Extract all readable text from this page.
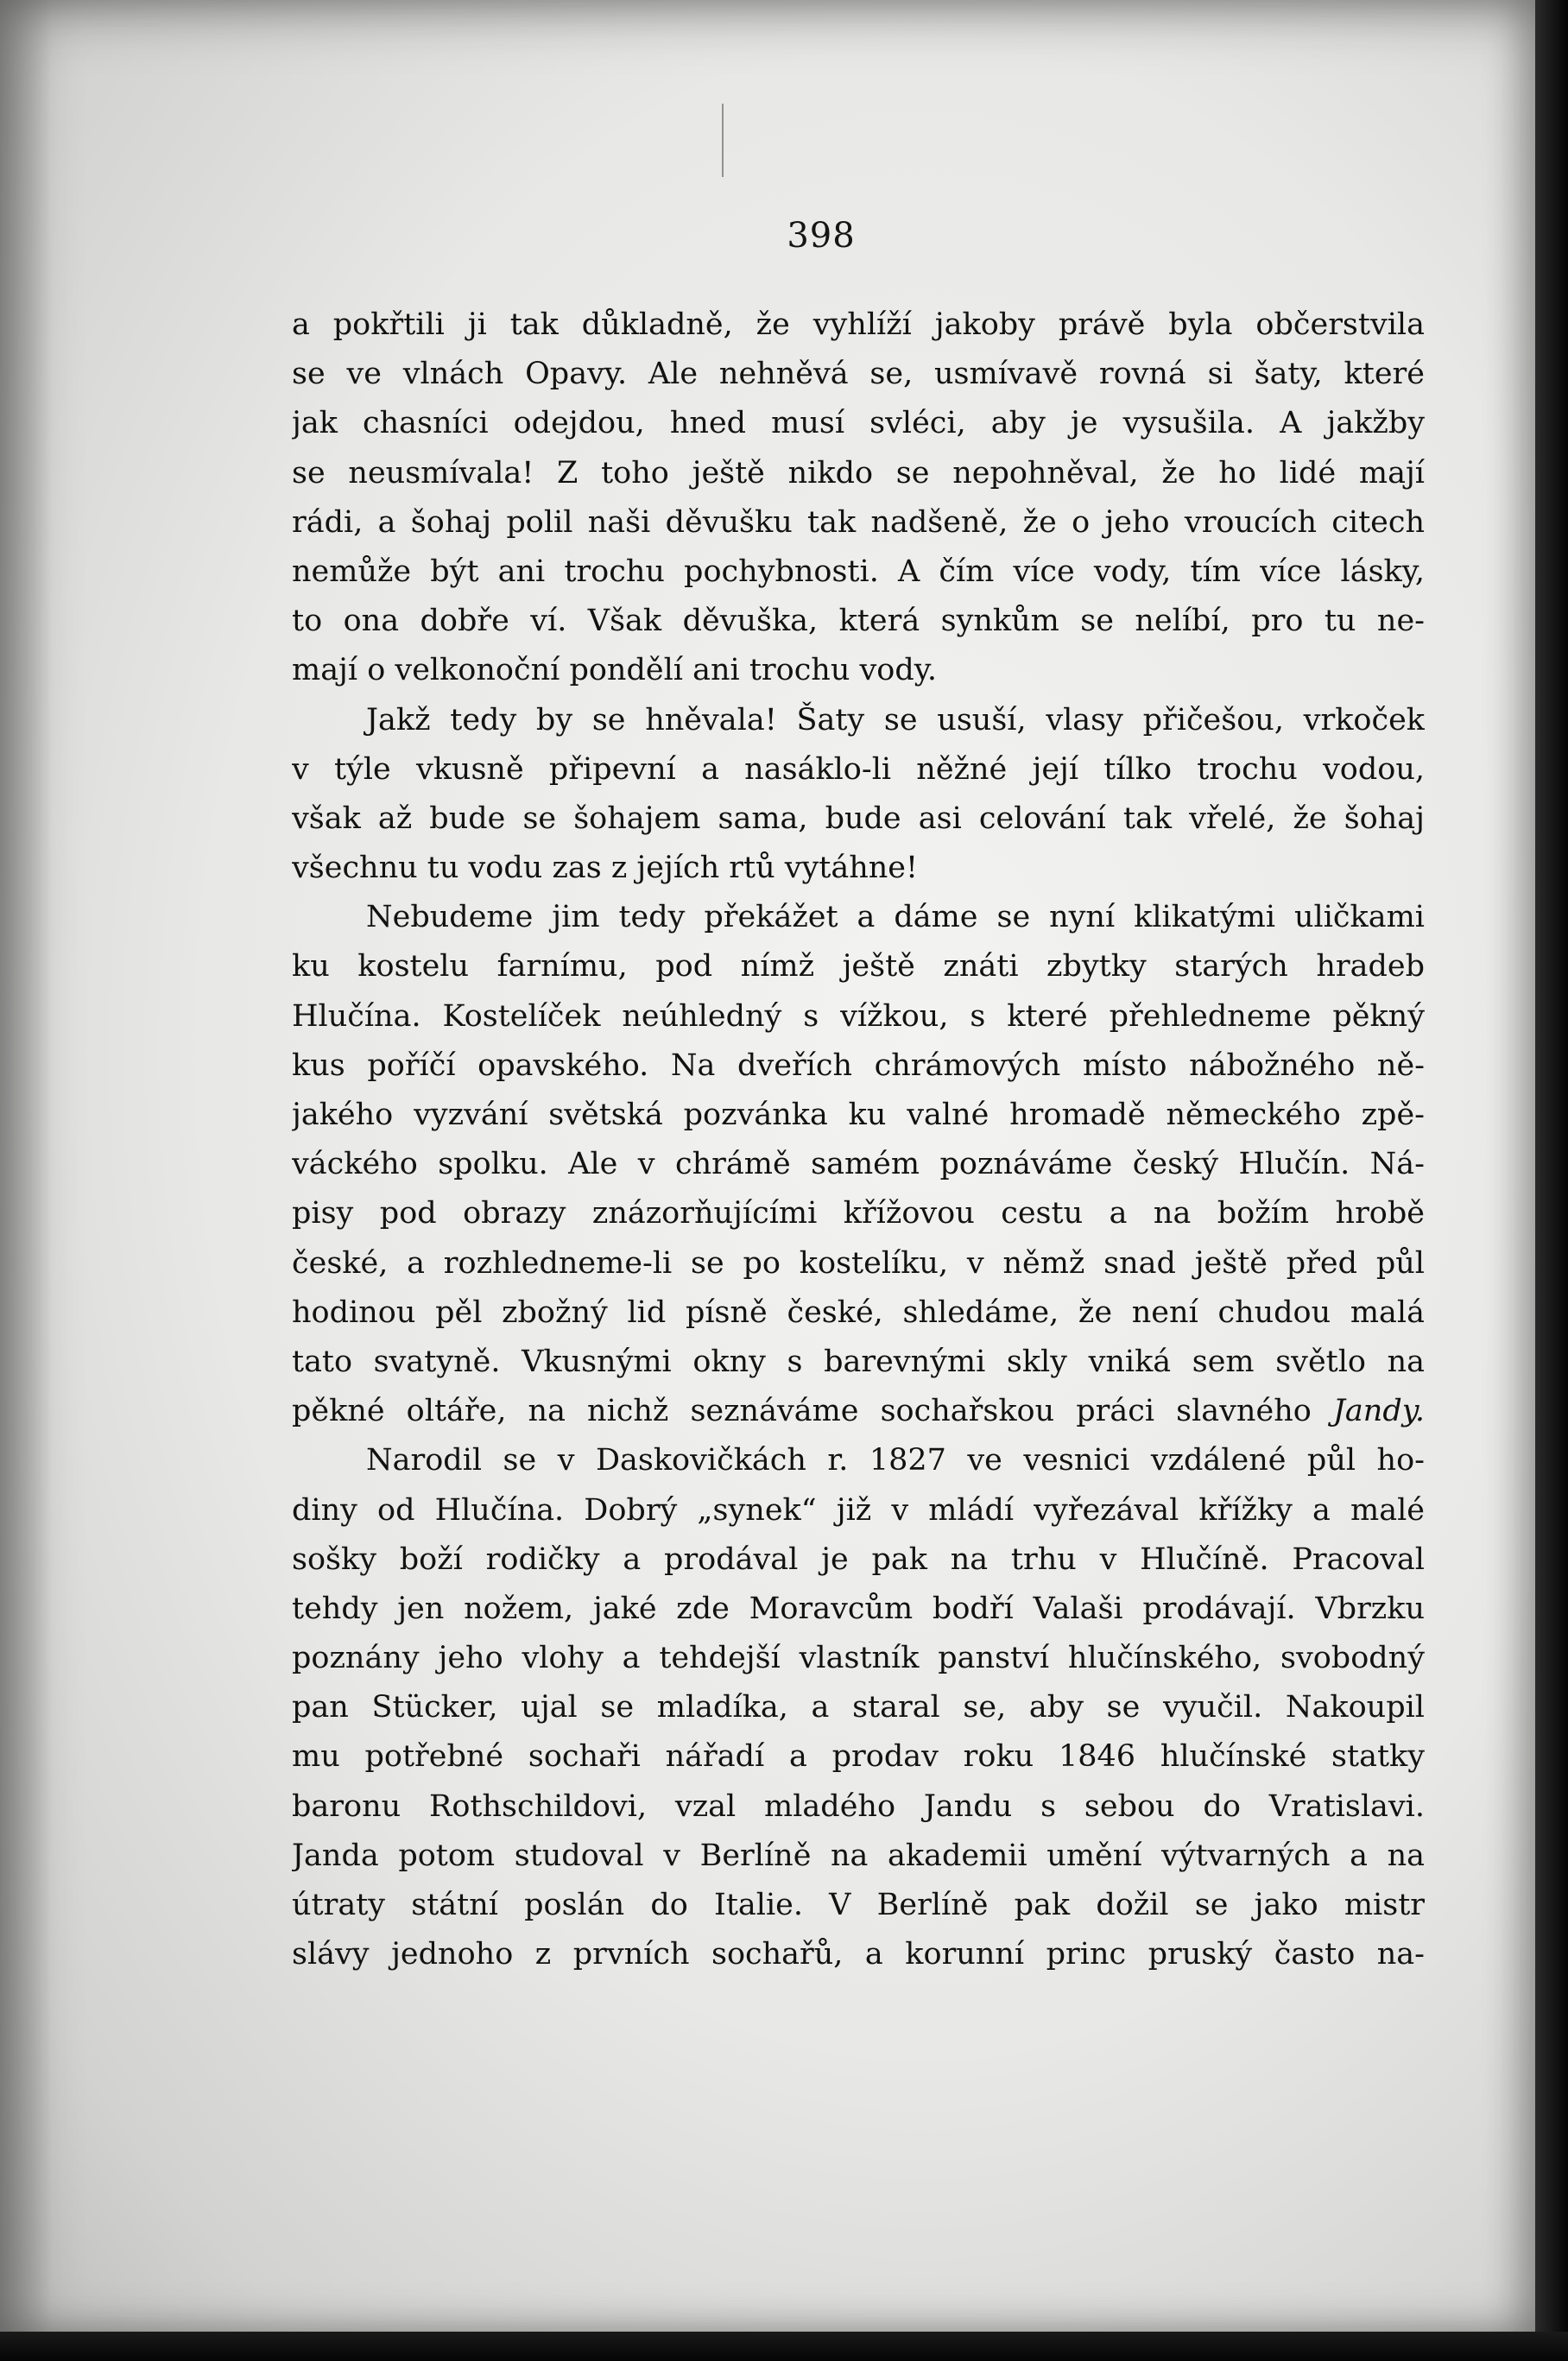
398
a pokřtili ji tak důkladně, že vyhlíží jakoby právě byla občerstvila
se ve vlnách Opavy. Ale nehněvá se, usmívavě rovná si šaty, které
jak chasníci odejdou, hned musí svléci, aby je vysušila. A jakžby
se neusmívala! Z toho ještě nikdo se nepohněval, že ho lidé mají
rádi, a šohaj polil naši děvušku tak nadšeně, že o jeho vroucích citech
nemůže být ani trochu pochybnosti. A čím více vody, tím více lásky,
to ona dobře ví. Však děvuška, která synkům se nelíbí, pro tu ne-
mají o velkonoční pondělí ani trochu vody.
Jakž tedy by se hněvala! Šaty se usuší, vlasy přičešou, vrkoček
v týle vkusně připevní a nasáklo-li něžné její tílko trochu vodou,
však až bude se šohajem sama, bude asi celování tak vřelé, že šohaj
všechnu tu vodu zas z jejích rtů vytáhne!
Nebudeme jim tedy překážet a dáme se nyní klikatými uličkami
ku kostelu farnímu, pod nímž ještě znáti zbytky starých hradeb
Hlučína. Kostelíček neúhledný s vížkou, s které přehledneme pěkný
kus poříčí opavského. Na dveřích chrámových místo nábožného ně-
jakého vyzvání světská pozvánka ku valné hromadě německého zpě-
váckého spolku. Ale v chrámě samém poznáváme český Hlučín. Ná-
pisy pod obrazy znázorňujícími křížovou cestu a na božím hrobě
české, a rozhledneme-li se po kostelíku, v němž snad ještě před půl
hodinou pěl zbožný lid písně české, shledáme, že není chudou malá
tato svatyně. Vkusnými okny s barevnými skly vniká sem světlo na
pěkné oltáře, na nichž seznáváme sochařskou práci slavného Jandy.
Narodil se v Daskovičkách r. 1827 ve vesnici vzdálené půl ho-
diny od Hlučína. Dobrý „synek“ již v mládí vyřezával křížky a malé
sošky boží rodičky a prodával je pak na trhu v Hlučíně. Pracoval
tehdy jen nožem, jaké zde Moravcům bodří Valaši prodávají. Vbrzku
poznány jeho vlohy a tehdejší vlastník panství hlučínského, svobodný
pan Stücker, ujal se mladíka, a staral se, aby se vyučil. Nakoupil
mu potřebné sochaři nářadí a prodav roku 1846 hlučínské statky
baronu Rothschildovi, vzal mladého Jandu s sebou do Vratislavi.
Janda potom studoval v Berlíně na akademii umění výtvarných a na
útraty státní poslán do Italie. V Berlíně pak dožil se jako mistr
slávy jednoho z prvních sochařů, a korunní princ pruský často na-
